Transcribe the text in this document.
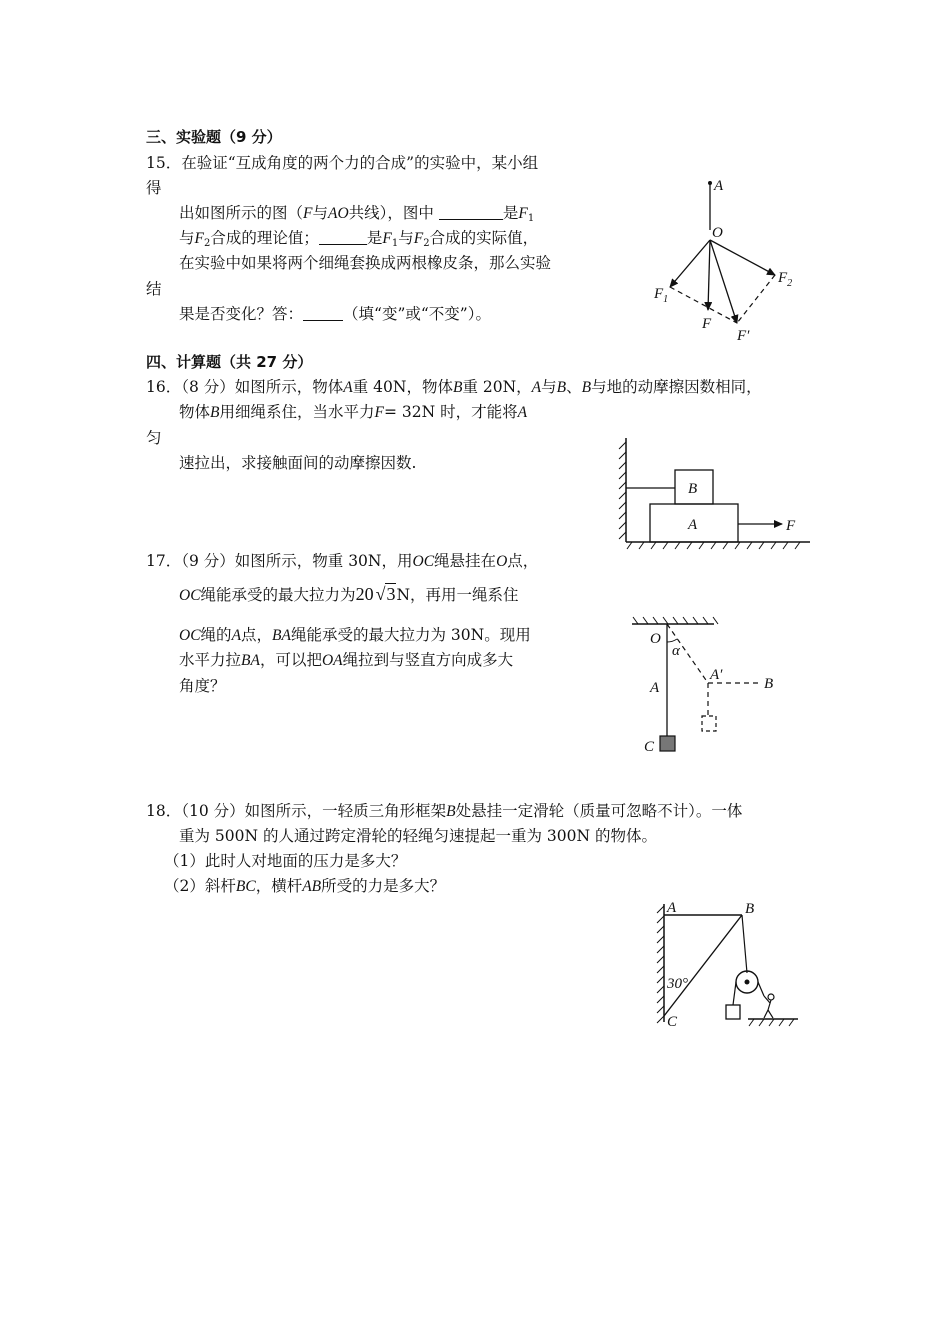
三、实验题（9 分）
15．在验证“互成角度的两个力的合成”的实验中，某小组
得
出如图所示的图（F与AO共线），图中	是$F_1$
与$F_2$合成的理论值；	是$F_1$与$F_2$合成的实际值，
在实验中如果将两个细绳套换成两根橡皮条，那么实验
结
果是否变化？答：	（填“变”或“不变”）。
A
O
$F_1$
$F_2$
F
F′
四、计算题（共 27 分）
16．（8 分）如图所示，物体A重 40N，物体B重 20N，A与B、B与地的动摩擦因数相同，
物体B用细绳系住，当水平力F= 32N 时，才能将A
匀
速拉出，求接触面间的动摩擦因数.
B
A	F
17．（9 分）如图所示，物重 30N，用OC绳悬挂在O点，
OC绳能承受的最大拉力为20 √3N，再用一绳系住
OC绳的A点，BA绳能承受的最大拉力为 30N。现用
水平力拉BA，可以把OA绳拉到与竖直方向成多大
角度？
O
α
A
A′
B
C
18．（10 分）如图所示，一轻质三角形框架B处悬挂一定滑轮（质量可忽略不计）。一体
重为 500N 的人通过跨定滑轮的轻绳匀速提起一重为 300N 的物体。
（1）此时人对地面的压力是多大？
（2）斜杆BC，横杆AB所受的力是多大？
A	B
30°
C
